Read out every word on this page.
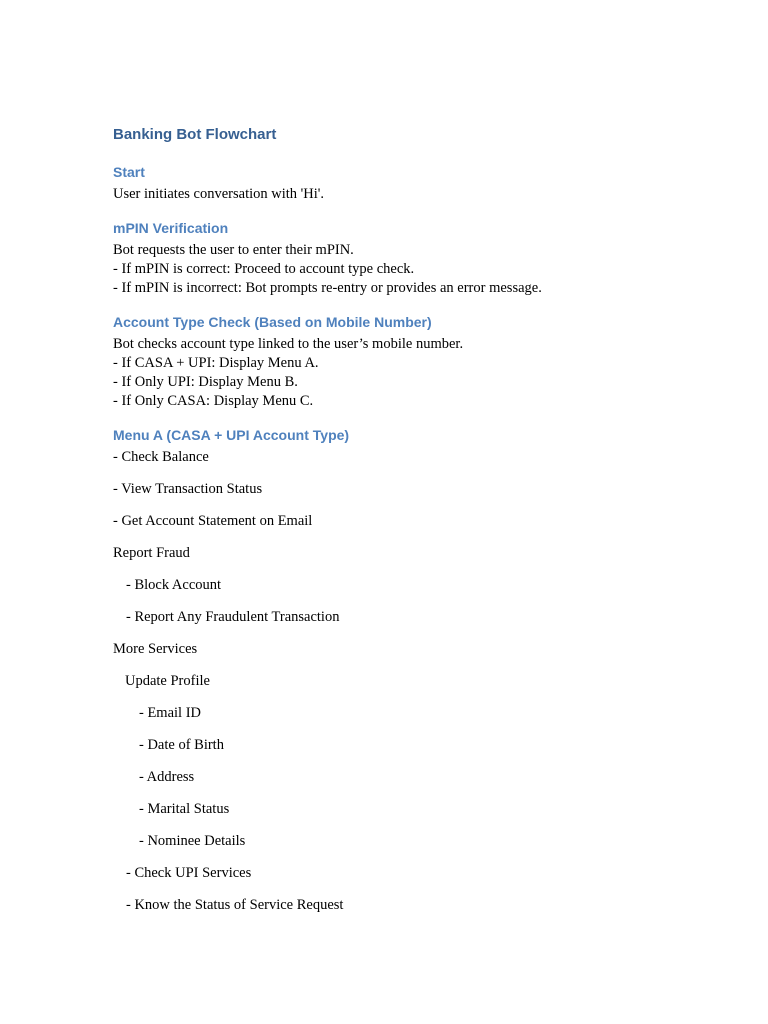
Banking Bot Flowchart
Start
User initiates conversation with 'Hi'.
mPIN Verification
Bot requests the user to enter their mPIN.
- If mPIN is correct: Proceed to account type check.
- If mPIN is incorrect: Bot prompts re-entry or provides an error message.
Account Type Check (Based on Mobile Number)
Bot checks account type linked to the user’s mobile number.
- If CASA + UPI: Display Menu A.
- If Only UPI: Display Menu B.
- If Only CASA: Display Menu C.
Menu A (CASA + UPI Account Type)
- Check Balance
- View Transaction Status
- Get Account Statement on Email
Report Fraud
- Block Account
- Report Any Fraudulent Transaction
More Services
Update Profile
- Email ID
- Date of Birth
- Address
- Marital Status
- Nominee Details
- Check UPI Services
- Know the Status of Service Request
